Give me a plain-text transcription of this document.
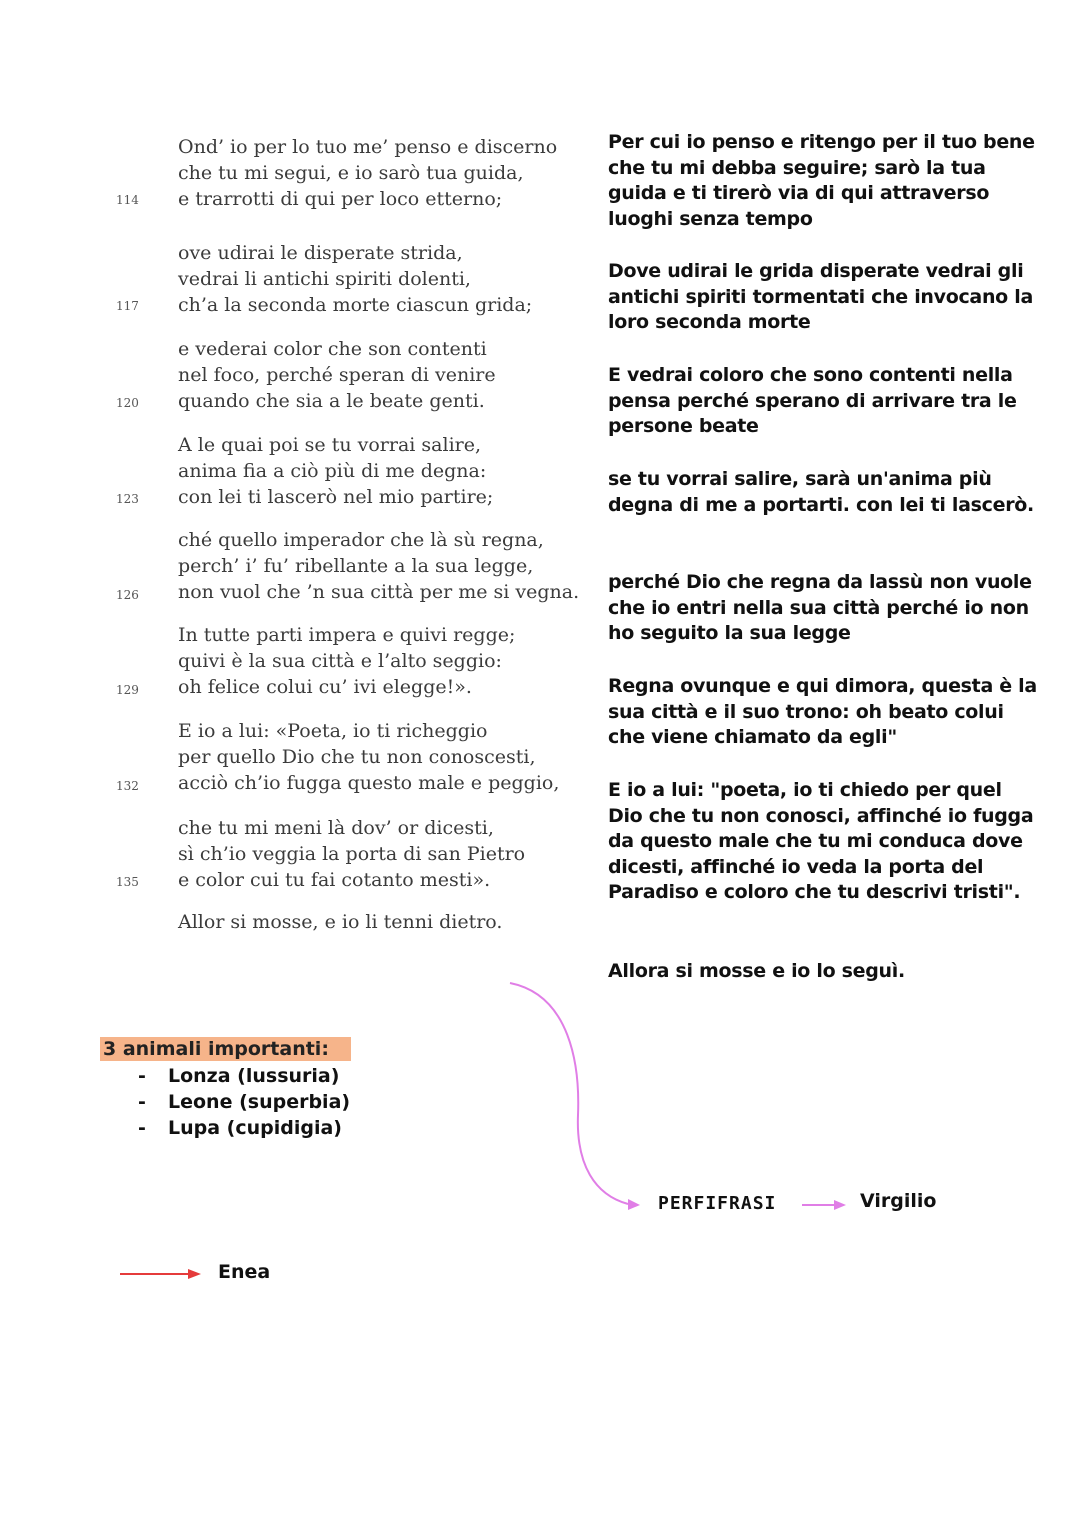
114
Ond’ io per lo tuo me’ penso e discerno
che tu mi segui, e io sarò tua guida,
e trarrotti di qui per loco etterno;
117
ove udirai le disperate strida,
vedrai li antichi spiriti dolenti,
ch’a la seconda morte ciascun grida;
120
e vederai color che son contenti
nel foco, perché speran di venire
quando che sia a le beate genti.
123
A le quai poi se tu vorrai salire,
anima fia a ciò più di me degna:
con lei ti lascerò nel mio partire;
126
ché quello imperador che là sù regna,
perch’ i’ fu’ ribellante a la sua legge,
non vuol che ’n sua città per me si vegna.
129
In tutte parti impera e quivi regge;
quivi è la sua città e l’alto seggio:
oh felice colui cu’ ivi elegge!».
132
E io a lui: «Poeta, io ti richeggio
per quello Dio che tu non conoscesti,
acciò ch’io fugga questo male e peggio,
135
che tu mi meni là dov’ or dicesti,
sì ch’io veggia la porta di san Pietro
e color cui tu fai cotanto mesti».
Allor si mosse, e io li tenni dietro.
Per cui io penso e ritengo per il tuo bene che tu mi debba seguire; sarò la tua guida e ti tirerò via di qui attraverso luoghi senza tempo
Dove udirai le grida disperate vedrai gli antichi spiriti tormentati che invocano la loro seconda morte
E vedrai coloro che sono contenti nella pensa perché sperano di arrivare tra le persone beate
se tu vorrai salire, sarà un'anima più degna di me a portarti. con lei ti lascerò.
perché Dio che regna da lassù non vuole che io entri nella sua città perché io non ho seguito la sua legge
Regna ovunque e qui dimora, questa è la sua città e il suo trono: oh beato colui che viene chiamato da egli"
E io a lui: "poeta, io ti chiedo per quel Dio che tu non conosci, affinché io fugga da questo male che tu mi conduca dove dicesti, affinché io veda la porta del Paradiso e coloro che tu descrivi tristi".
Allora si mosse e io lo seguì.
3 animali importanti:
- Lonza (lussuria)
- Leone (superbia)
- Lupa (cupidigia)
PERFIFRASI	Virgilio
Enea
